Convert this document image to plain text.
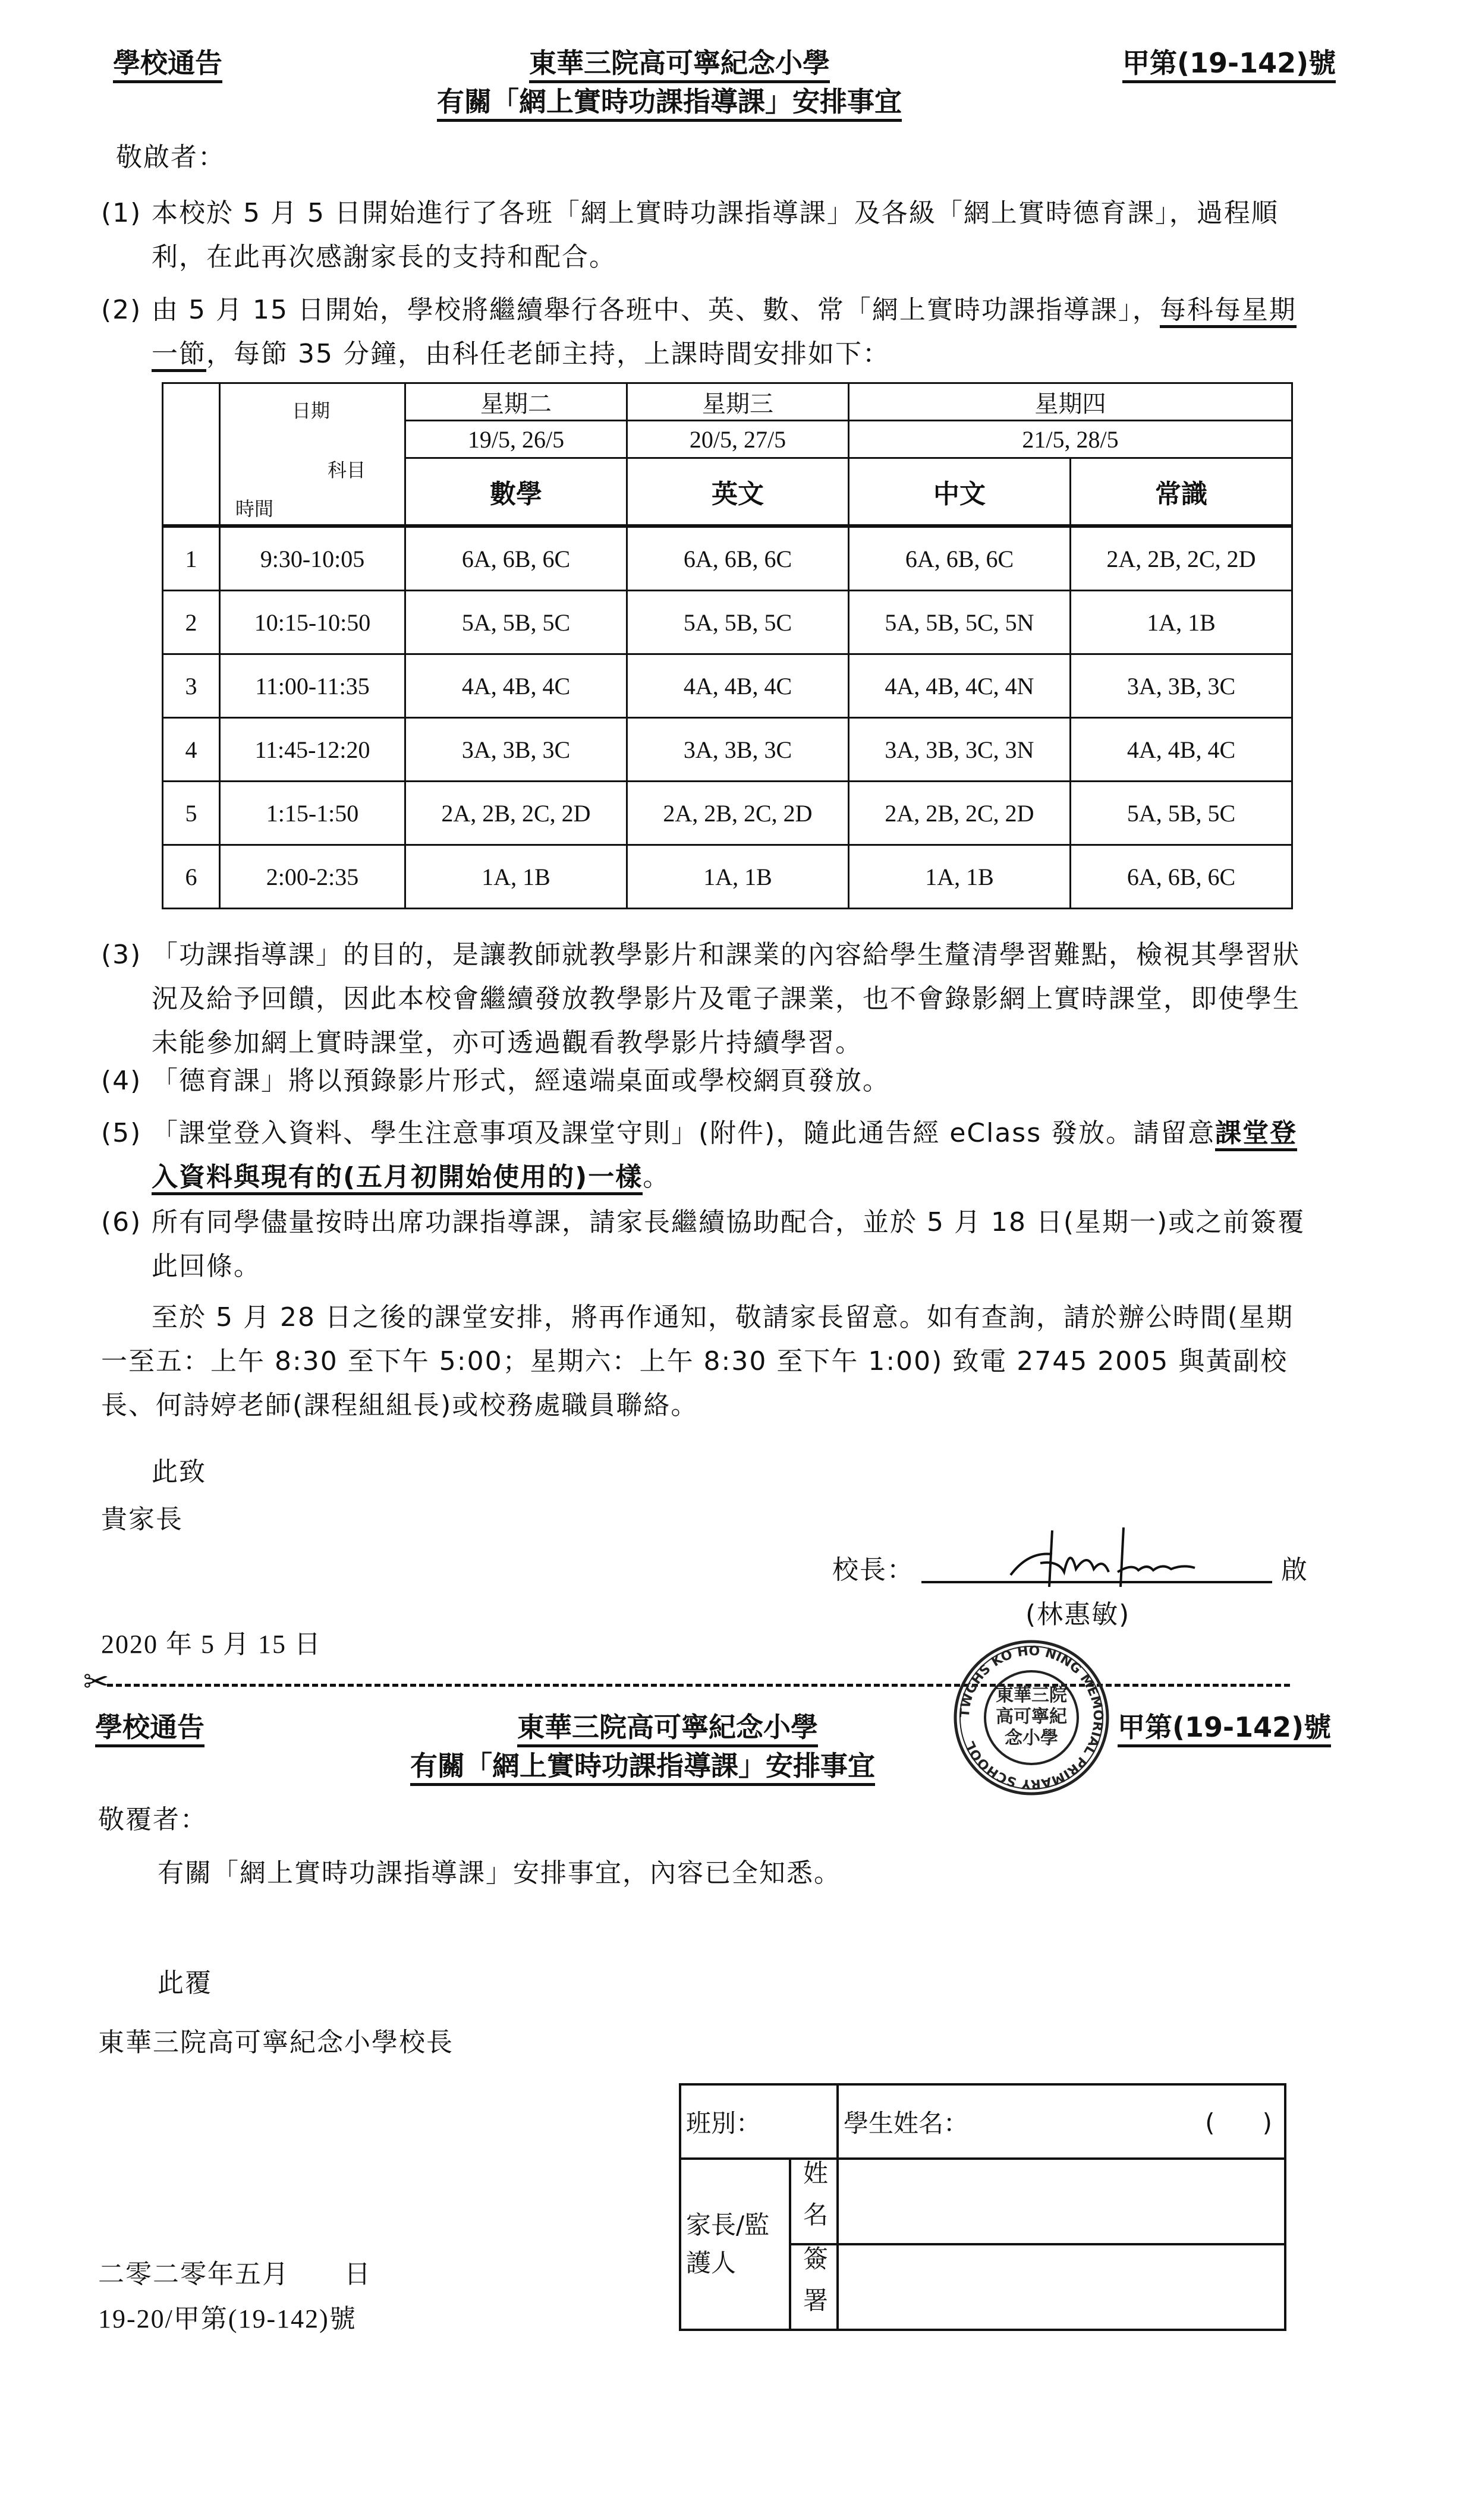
學校通告	東華三院高可寧紀念小學	甲第(19-142)號
有關「網上實時功課指導課」安排事宜
敬啟者：
(1) 本校於 5 月 5 日開始進行了各班「網上實時功課指導課」及各級「網上實時德育課」，過程順利，在此再次感謝家長的支持和配合。
(2) 由 5 月 15 日開始，學校將繼續舉行各班中、英、數、常「網上實時功課指導課」，每科每星期一節，每節 35 分鐘，由科任老師主持，上課時間安排如下：

	日期
科目
時間	星期二	星期三	星期四	
		19/5, 26/5	20/5, 27/5	21/5, 28/5	
		數學	英文	中文	常識
1	9:30-10:05	6A, 6B, 6C	6A, 6B, 6C	6A, 6B, 6C	2A, 2B, 2C, 2D
2	10:15-10:50	5A, 5B, 5C	5A, 5B, 5C	5A, 5B, 5C, 5N	1A, 1B
3	11:00-11:35	4A, 4B, 4C	4A, 4B, 4C	4A, 4B, 4C, 4N	3A, 3B, 3C
4	11:45-12:20	3A, 3B, 3C	3A, 3B, 3C	3A, 3B, 3C, 3N	4A, 4B, 4C
5	1:15-1:50	2A, 2B, 2C, 2D	2A, 2B, 2C, 2D	2A, 2B, 2C, 2D	5A, 5B, 5C
6	2:00-2:35	1A, 1B	1A, 1B	1A, 1B	6A, 6B, 6C
(3) 「功課指導課」的目的，是讓教師就教學影片和課業的內容給學生釐清學習難點，檢視其學習狀況及給予回饋，因此本校會繼續發放教學影片及電子課業，也不會錄影網上實時課堂，即使學生未能參加網上實時課堂，亦可透過觀看教學影片持續學習。
(4) 「德育課」將以預錄影片形式，經遠端桌面或學校網頁發放。
(5) 「課堂登入資料、學生注意事項及課堂守則」(附件)，隨此通告經 eClass 發放。請留意課堂登入資料與現有的(五月初開始使用的)一樣。
(6) 所有同學儘量按時出席功課指導課，請家長繼續協助配合，並於 5 月 18 日(星期一)或之前簽覆此回條。
至於 5 月 28 日之後的課堂安排，將再作通知，敬請家長留意。如有查詢，請於辦公時間(星期一至五：上午 8:30 至下午 5:00；星期六：上午 8:30 至下午 1:00) 致電 2745 2005 與黃副校長、何詩婷老師(課程組組長)或校務處職員聯絡。
此致
貴家長
校長：	啟
(林惠敏)
2020 年 5 月 15 日
✂
TWGHS KO HO NING MEMORIAL PRIMARY SCHOOL
東華三院高可寧紀念小學
學校通告	東華三院高可寧紀念小學	甲第(19-142)號
有關「網上實時功課指導課」安排事宜
敬覆者：
有關「網上實時功課指導課」安排事宜，內容已全知悉。
此覆
東華三院高可寧紀念小學校長
班別：		學生姓名： (      )

家長/監護人	姓名	
	簽署	
二零二零年五月　　日
19-20/甲第(19-142)號
